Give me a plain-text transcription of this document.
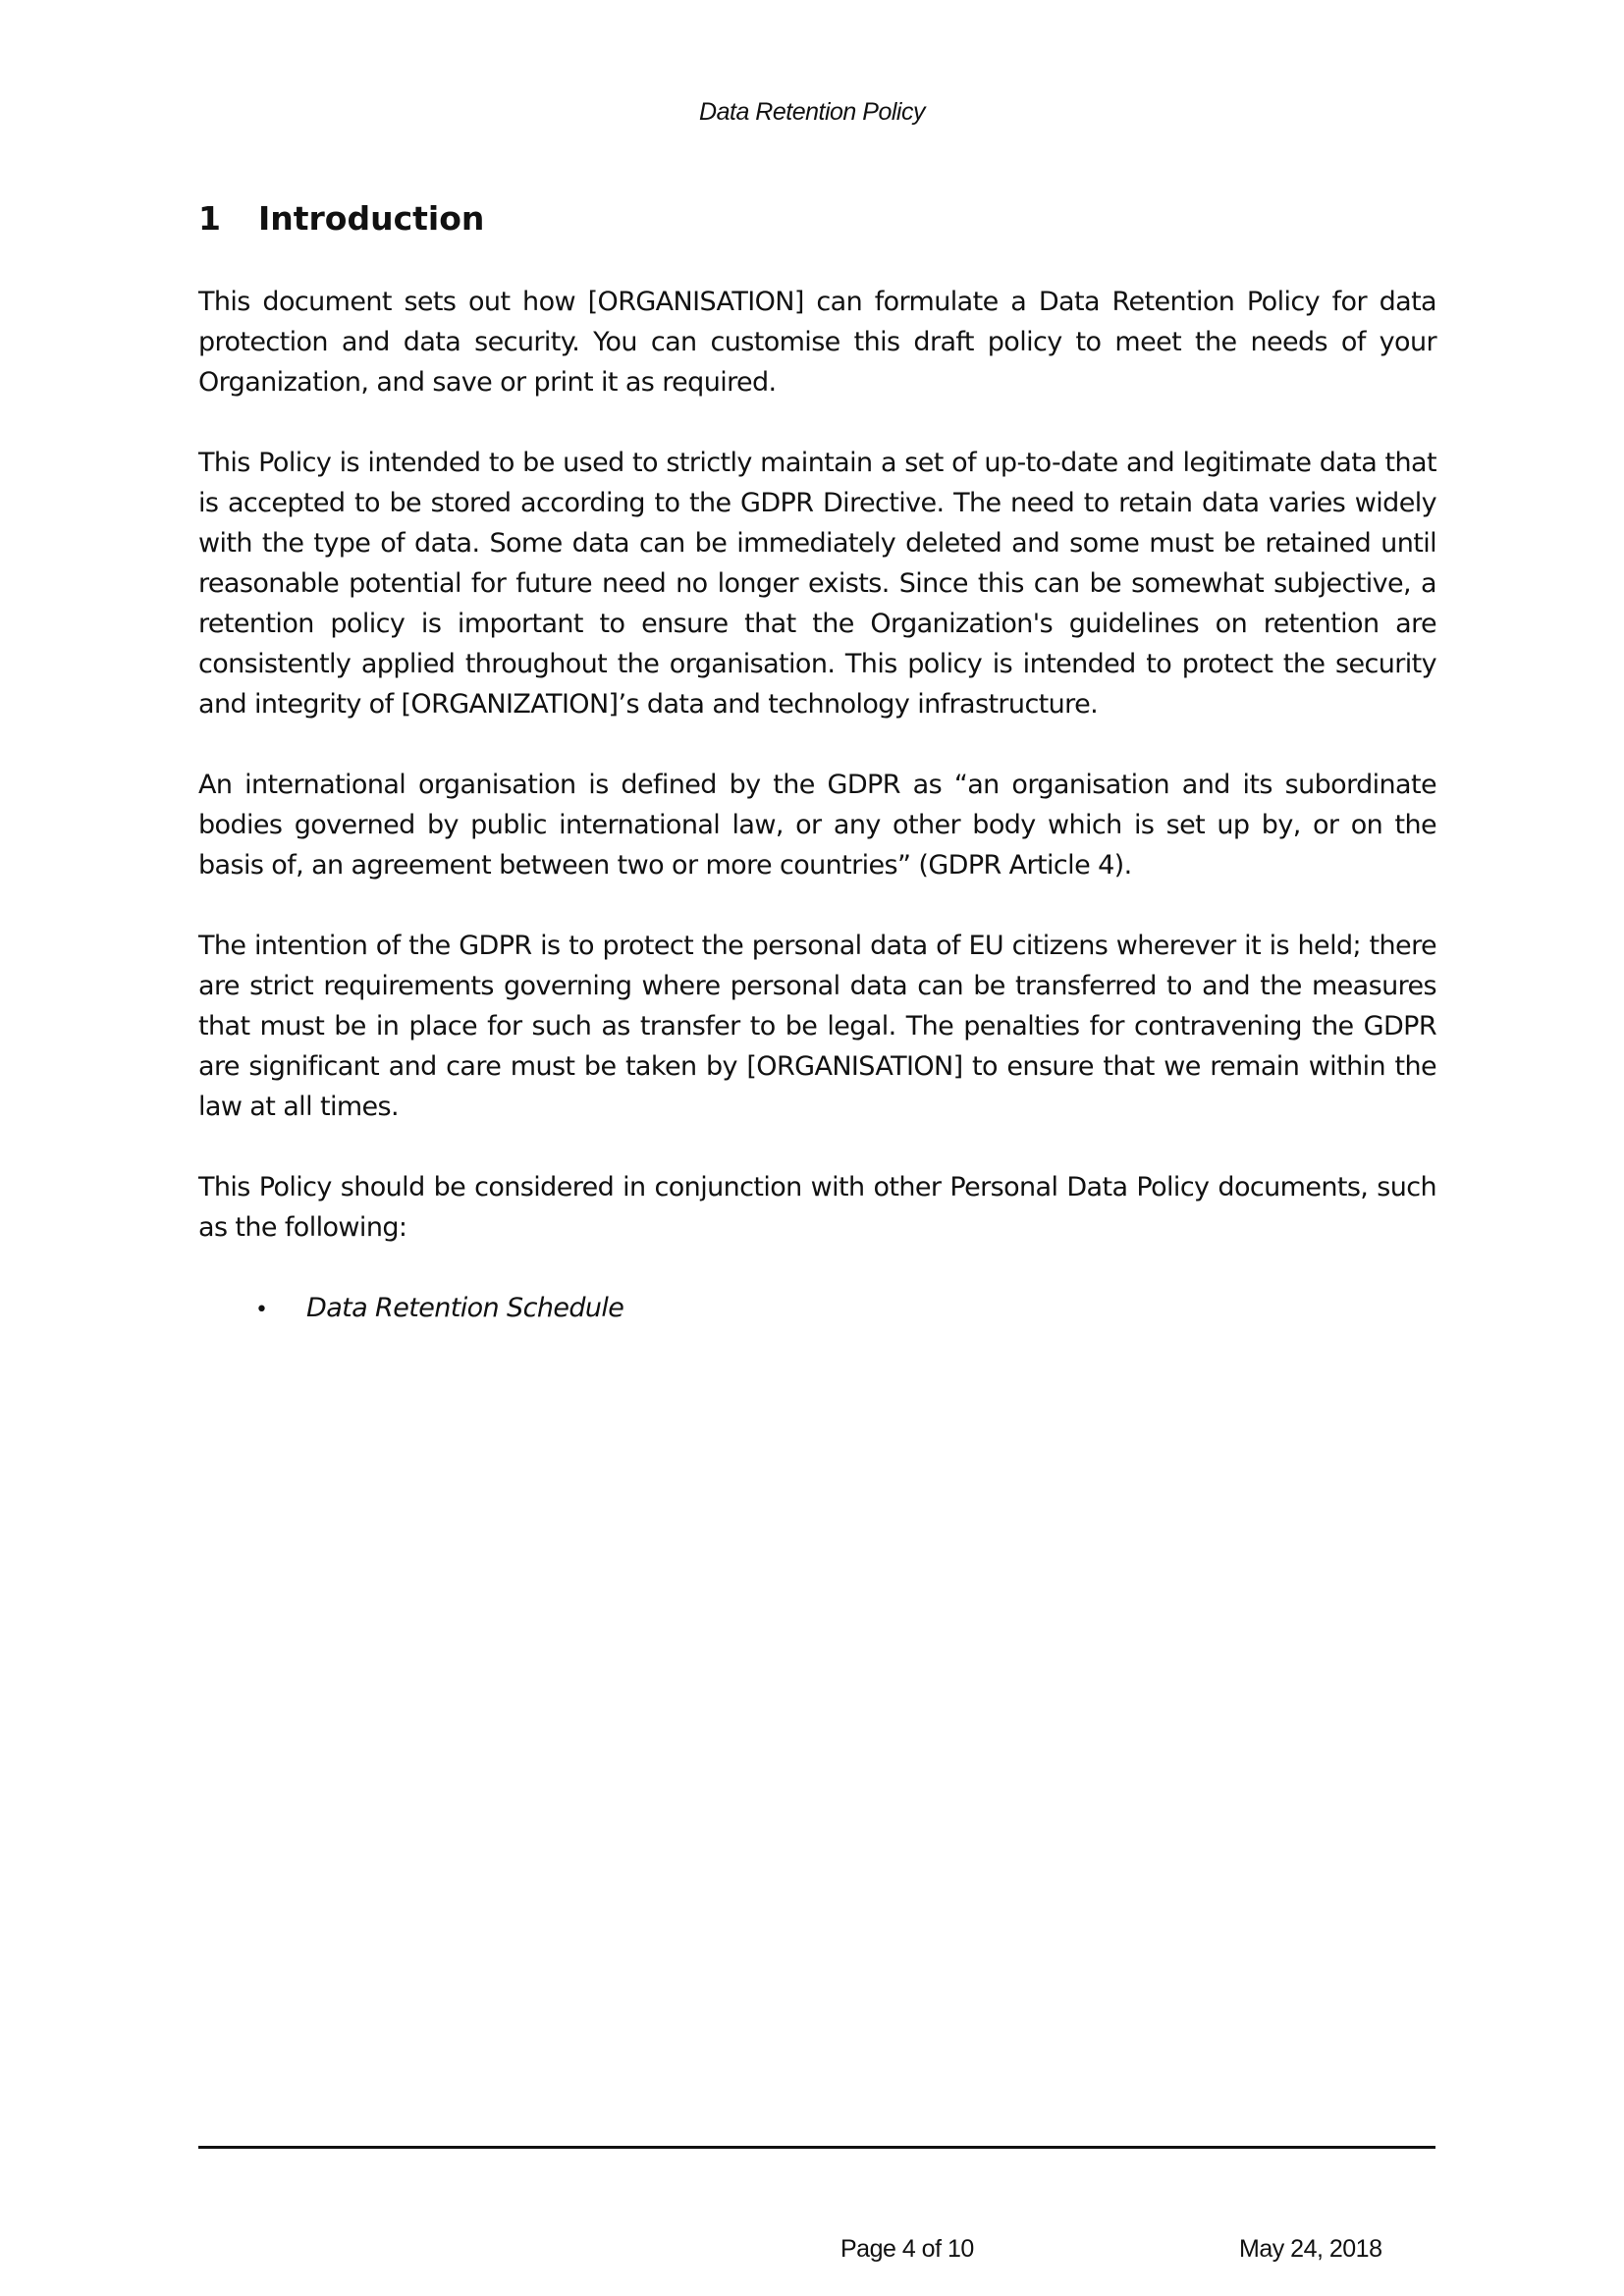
Data Retention Policy
1 Introduction

This document sets out how [ORGANISATION] can formulate a Data Retention Policy for data protection and data security. You can customise this draft policy to meet the needs of your Organization, and save or print it as required.

This Policy is intended to be used to strictly maintain a set of up-to-date and legitimate data that is accepted to be stored according to the GDPR Directive. The need to retain data varies widely with the type of data. Some data can be immediately deleted and some must be retained until reasonable potential for future need no longer exists. Since this can be somewhat subjective, a retention policy is important to ensure that the Organization's guidelines on retention are consistently applied throughout the organisation. This policy is intended to protect the security and integrity of [ORGANIZATION]’s data and technology infrastructure.

An international organisation is defined by the GDPR as “an organisation and its subordinate bodies governed by public international law, or any other body which is set up by, or on the basis of, an agreement between two or more countries” (GDPR Article 4).

The intention of the GDPR is to protect the personal data of EU citizens wherever it is held; there are strict requirements governing where personal data can be transferred to and the measures that must be in place for such as transfer to be legal. The penalties for contravening the GDPR are significant and care must be taken by [ORGANISATION] to ensure that we remain within the law at all times.

This Policy should be considered in conjunction with other Personal Data Policy documents, such as the following:

•	Data Retention Schedule
Page 4 of 10	May 24, 2018
